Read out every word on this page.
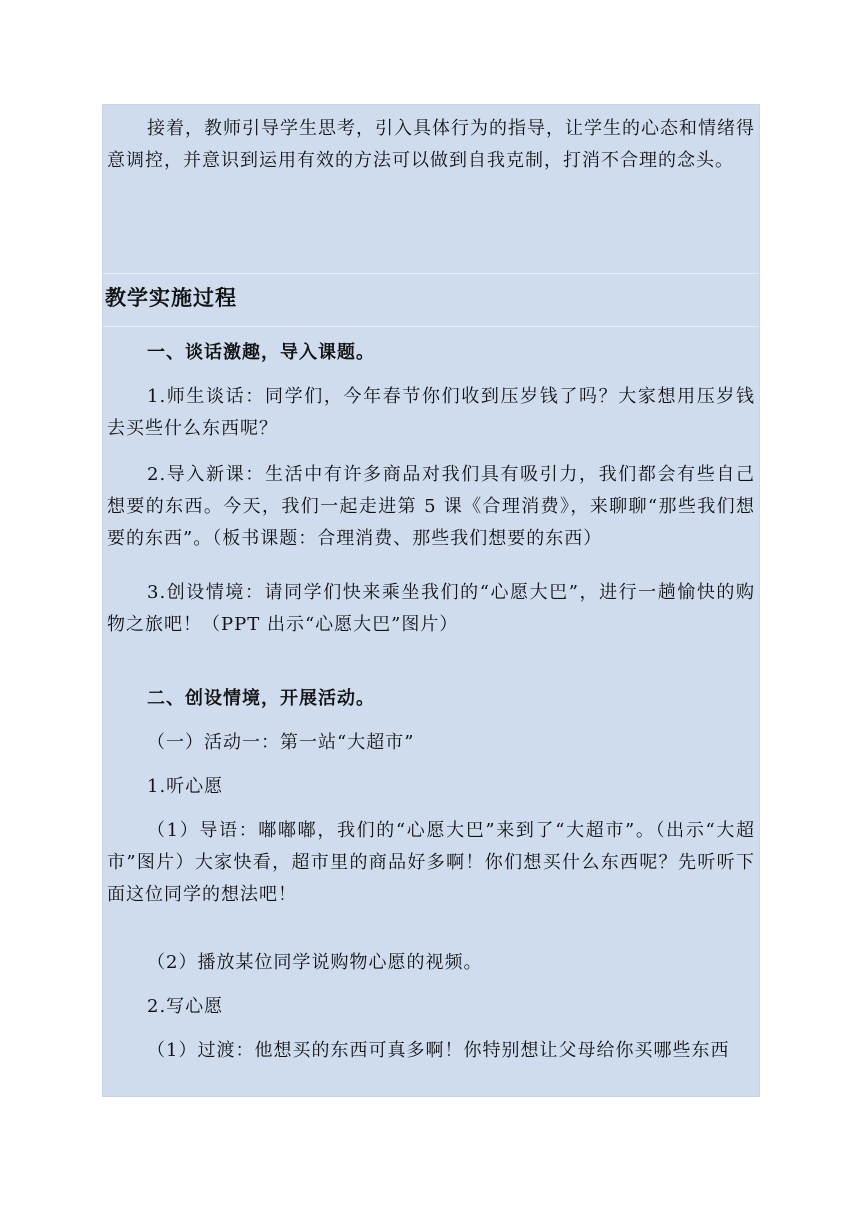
接着，教师引导学生思考，引入具体行为的指导，让学生的心态和情绪得意调控，并意识到运用有效的方法可以做到自我克制，打消不合理的念头。

教学实施过程

一、谈话激趣，导入课题。

1.师生谈话：同学们，今年春节你们收到压岁钱了吗？大家想用压岁钱去买些什么东西呢？

2.导入新课：生活中有许多商品对我们具有吸引力，我们都会有些自己想要的东西。今天，我们一起走进第 5 课《合理消费》，来聊聊“那些我们想要的东西”。（板书课题：合理消费、那些我们想要的东西）

3.创设情境：请同学们快来乘坐我们的“心愿大巴”，进行一趟愉快的购物之旅吧！（PPT 出示“心愿大巴”图片）

二、创设情境，开展活动。

（一）活动一：第一站“大超市”

1.听心愿

（1）导语：嘟嘟嘟，我们的“心愿大巴”来到了“大超市”。（出示“大超市”图片）大家快看，超市里的商品好多啊！你们想买什么东西呢？先听听下面这位同学的想法吧！

（2）播放某位同学说购物心愿的视频。

2.写心愿

（1）过渡：他想买的东西可真多啊！你特别想让父母给你买哪些东西
